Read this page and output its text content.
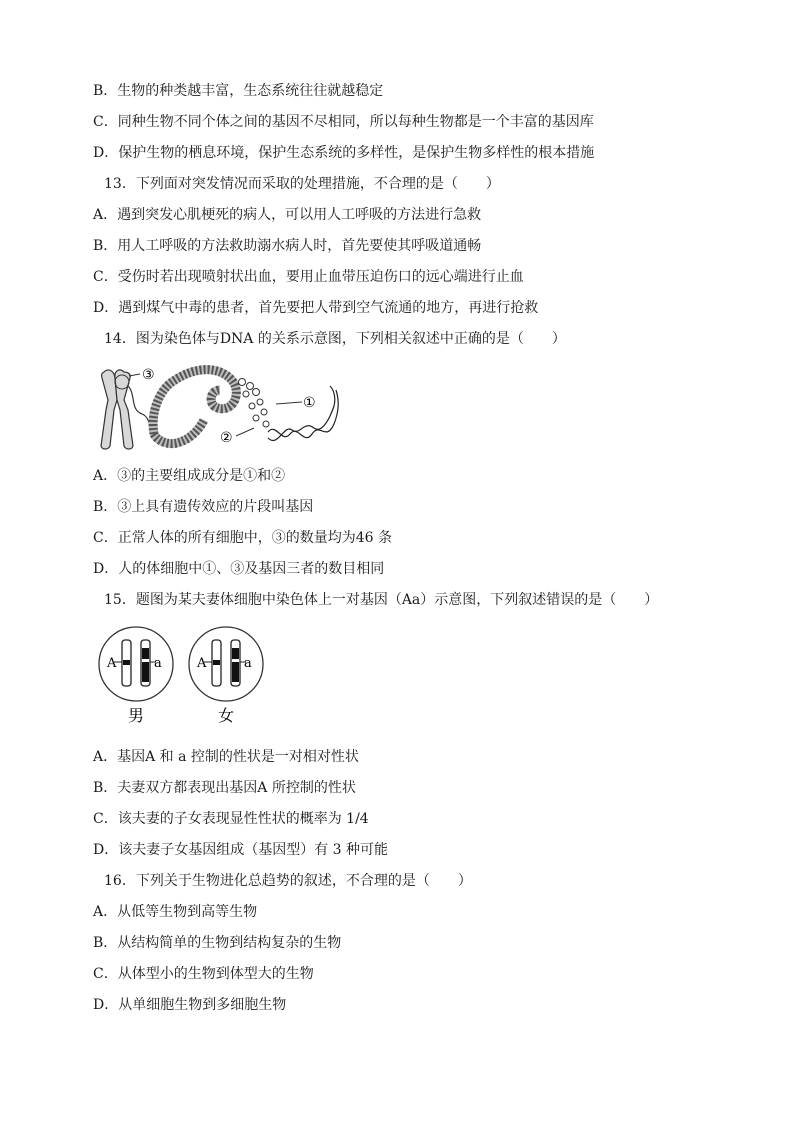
B．生物的种类越丰富，生态系统往往就越稳定
C．同种生物不同个体之间的基因不尽相同，所以每种生物都是一个丰富的基因库
D．保护生物的栖息环境，保护生态系统的多样性，是保护生物多样性的根本措施
13．下列面对突发情况而采取的处理措施，不合理的是（　　）
A．遇到突发心肌梗死的病人，可以用人工呼吸的方法进行急救
B．用人工呼吸的方法救助溺水病人时，首先要使其呼吸道通畅
C．受伤时若出现喷射状出血，要用止血带压迫伤口的远心端进行止血
D．遇到煤气中毒的患者，首先要把人带到空气流通的地方，再进行抢救
14．图为染色体与DNA 的关系示意图，下列相关叙述中正确的是（　　）
③
①
②
A．③的主要组成成分是①和②
B．③上具有遗传效应的片段叫基因
C．正常人体的所有细胞中，③的数量均为46 条
D．人的体细胞中①、③及基因三者的数目相同
15．题图为某夫妻体细胞中染色体上一对基因（Aa）示意图，下列叙述错误的是（　　）
A	a
男
A	a
女
A．基因A 和 a 控制的性状是一对相对性状
B．夫妻双方都表现出基因A 所控制的性状
C．该夫妻的子女表现显性性状的概率为 1/4
D．该夫妻子女基因组成（基因型）有 3 种可能
16．下列关于生物进化总趋势的叙述，不合理的是（　　）
A．从低等生物到高等生物
B．从结构简单的生物到结构复杂的生物
C．从体型小的生物到体型大的生物
D．从单细胞生物到多细胞生物
